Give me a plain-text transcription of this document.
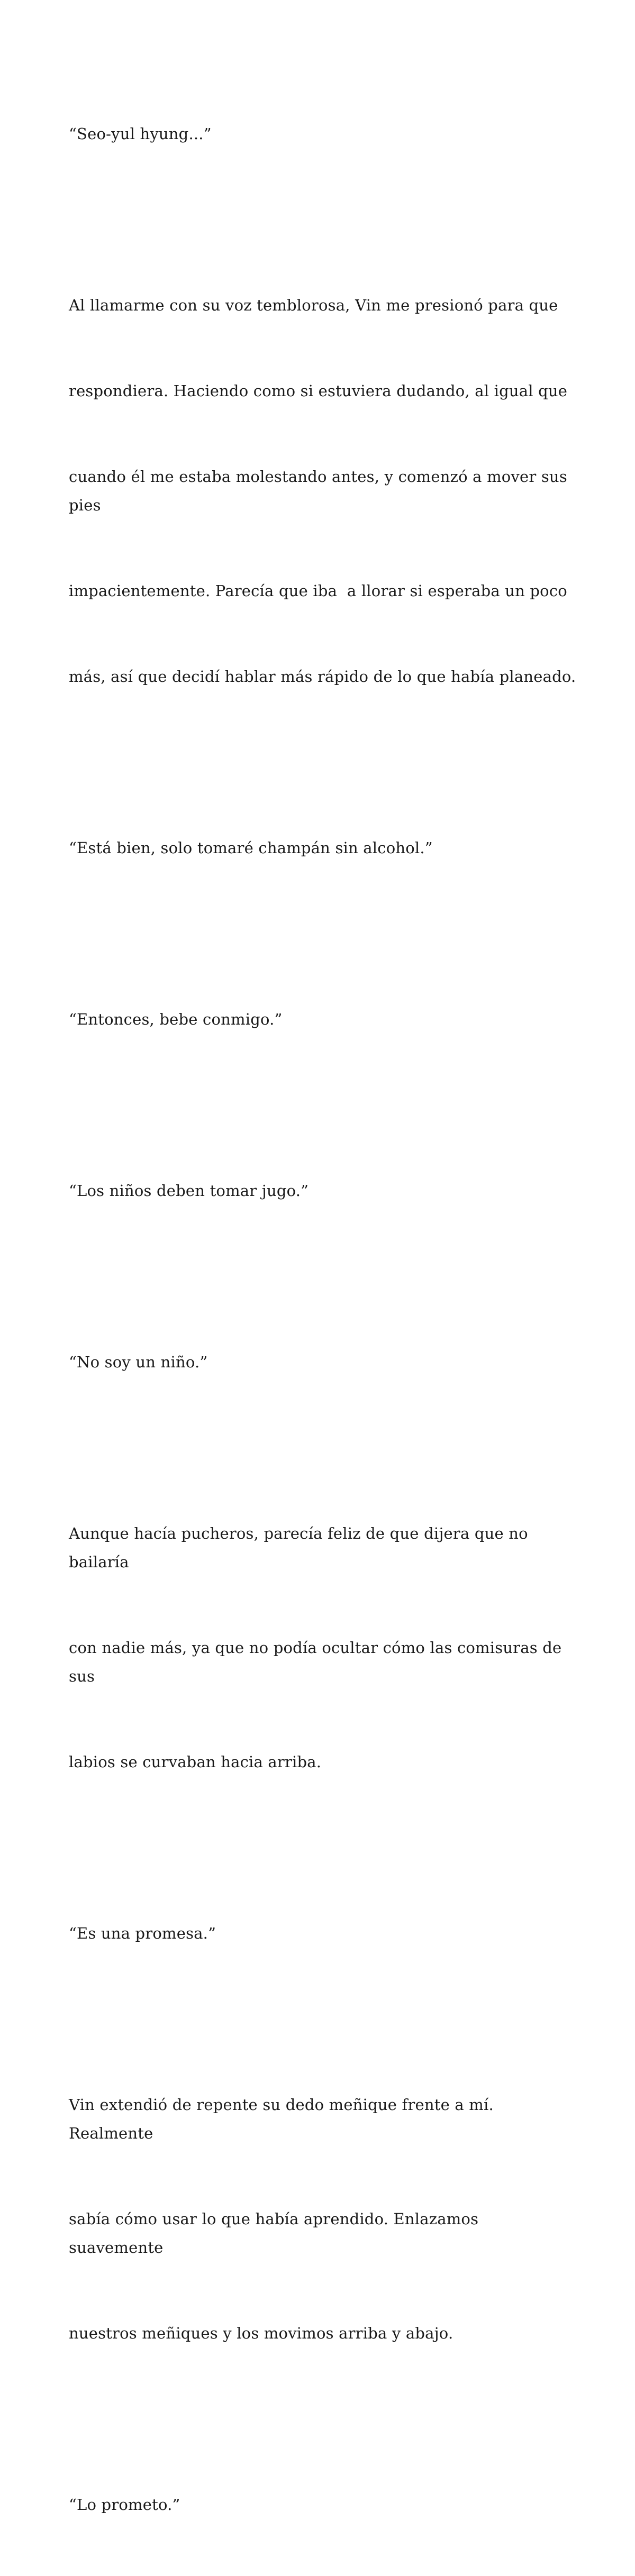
“Seo-yul hyung...”

Al llamarme con su voz temblorosa, Vin me presionó para que

respondiera. Haciendo como si estuviera dudando, al igual que

cuando él me estaba molestando antes, y comenzó a mover sus pies

impacientemente. Parecía que iba  a llorar si esperaba un poco

más, así que decidí hablar más rápido de lo que había planeado.

“Está bien, solo tomaré champán sin alcohol.”

“Entonces, bebe conmigo.”

“Los niños deben tomar jugo.”

“No soy un niño.”

Aunque hacía pucheros, parecía feliz de que dijera que no bailaría

con nadie más, ya que no podía ocultar cómo las comisuras de sus

labios se curvaban hacia arriba.

“Es una promesa.”

Vin extendió de repente su dedo meñique frente a mí. Realmente

sabía cómo usar lo que había aprendido. Enlazamos suavemente

nuestros meñiques y los movimos arriba y abajo.

“Lo prometo.”
